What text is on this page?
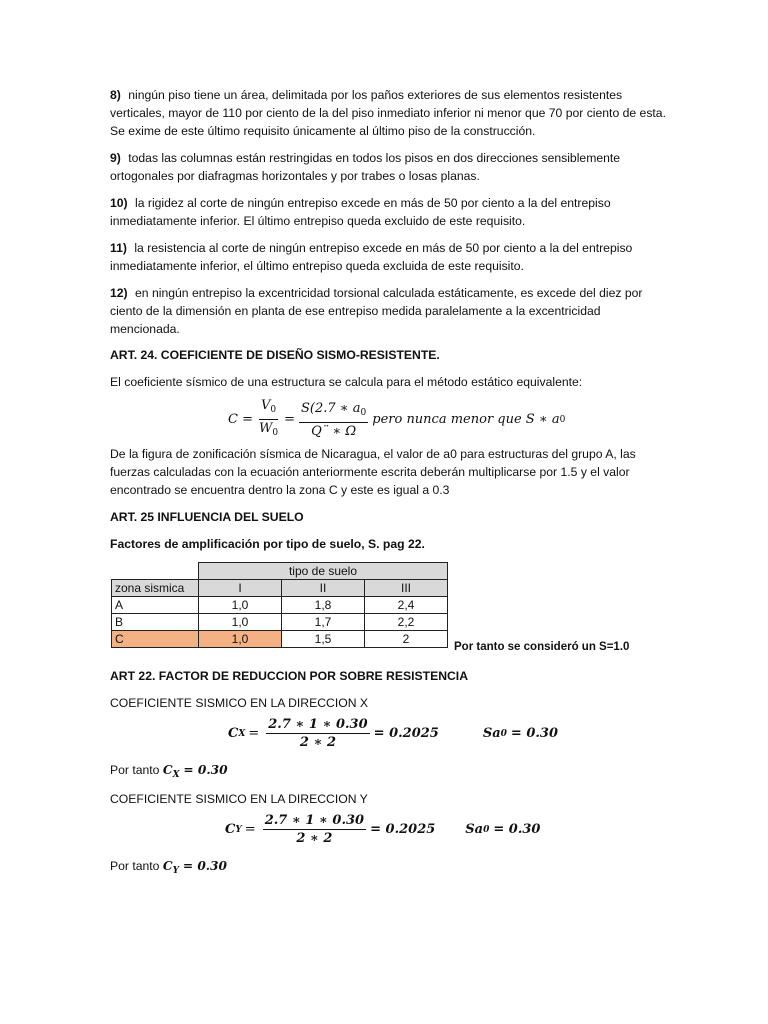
8) ningún piso tiene un área, delimitada por los paños exteriores de sus elementos resistentes verticales, mayor de 110 por ciento de la del piso inmediato inferior ni menor que 70 por ciento de esta. Se exime de este último requisito únicamente al último piso de la construcción.

9) todas las columnas están restringidas en todos los pisos en dos direcciones sensiblemente ortogonales por diafragmas horizontales y por trabes o losas planas.

10) la rigidez al corte de ningún entrepiso excede en más de 50 por ciento a la del entrepiso inmediatamente inferior. El último entrepiso queda excluido de este requisito.

11) la resistencia al corte de ningún entrepiso excede en más de 50 por ciento a la del entrepiso inmediatamente inferior, el último entrepiso queda excluida de este requisito.

12) en ningún entrepiso la excentricidad torsional calculada estáticamente, es excede del diez por ciento de la dimensión en planta de ese entrepiso medida paralelamente a la excentricidad mencionada.

ART. 24. COEFICIENTE DE DISEÑO SISMO-RESISTENTE.

El coeficiente sísmico de una estructura se calcula para el método estático equivalente:

$C = \frac{V_0}{W_0} = \frac{S(2.7 ∗ a_0}{Q¨ ∗ \Omega}$ pero nunca menor que S ∗ a 0

De la figura de zonificación sísmica de Nicaragua, el valor de a0 para estructuras del grupo A, las fuerzas calculadas con la ecuación anteriormente escrita deberán multiplicarse por 1.5 y el valor encontrado se encuentra dentro la zona C y este es igual a 0.3

ART. 25 INFLUENCIA DEL SUELO

Factores de amplificación por tipo de suelo, S. pag 22.

	tipo de suelo		
zona sismica	I	II	III
A	1,0	1,8	2,4
B	1,0	1,7	2,2
C	1,0	1,5	2

Por tanto se consideró un S=1.0

ART 22. FACTOR DE REDUCCION POR SOBRE RESISTENCIA

COEFICIENTE SISMICO EN LA DIRECCION X

C $X = \frac{2.7 ∗ 1 ∗ 0.30}{2 ∗ 2} = 0.2025$	Sa 0 = 0.30

Por tanto $C_X = 0.30$

COEFICIENTE SISMICO EN LA DIRECCION Y

C $Y = \frac{2.7 ∗ 1 ∗ 0.30}{2 ∗ 2} = 0.2025$ Sa 0 = 0.30

Por tanto $C_Y = 0.30$
